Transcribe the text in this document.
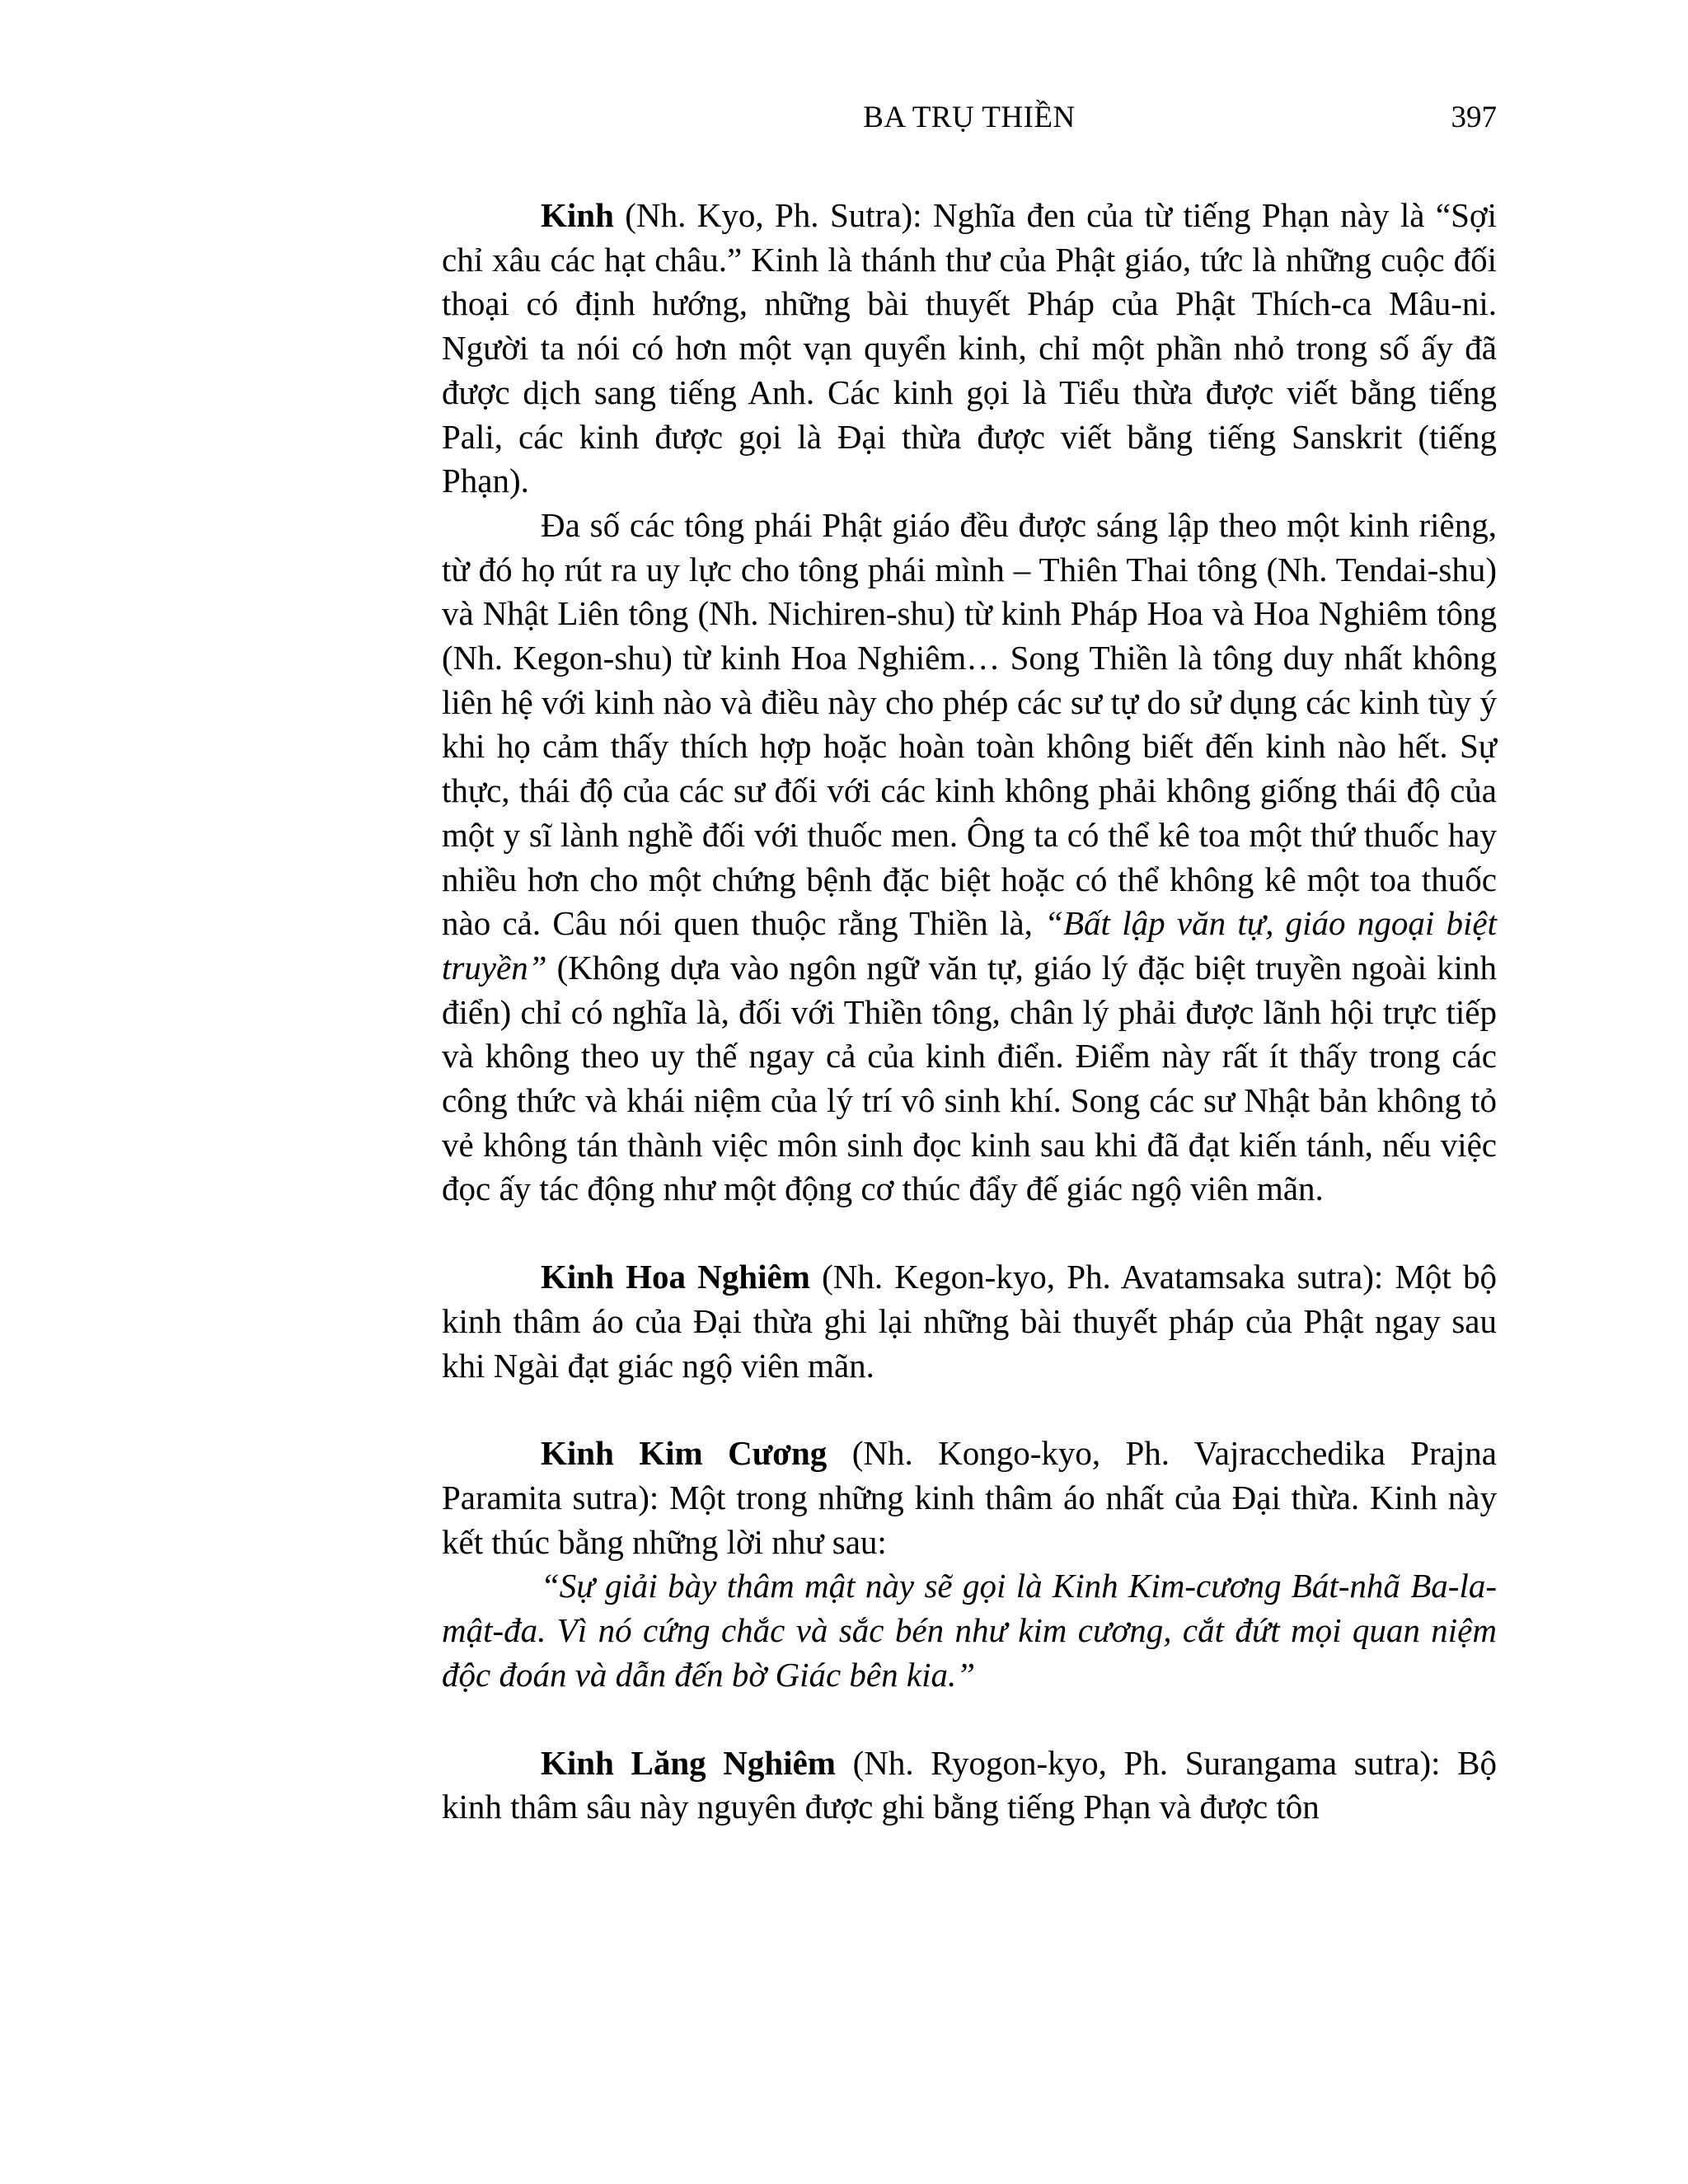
BA TRỤ THIỀN	397

Kinh (Nh. Kyo, Ph. Sutra): Nghĩa đen của từ tiếng Phạn này là “Sợi chỉ xâu các hạt châu.” Kinh là thánh thư của Phật giáo, tức là những cuộc đối thoại có định hướng, những bài thuyết Pháp của Phật Thích-ca Mâu-ni. Người ta nói có hơn một vạn quyển kinh, chỉ một phần nhỏ trong số ấy đã được dịch sang tiếng Anh. Các kinh gọi là Tiểu thừa được viết bằng tiếng Pali, các kinh được gọi là Đại thừa được viết bằng tiếng Sanskrit (tiếng Phạn).

Đa số các tông phái Phật giáo đều được sáng lập theo một kinh riêng, từ đó họ rút ra uy lực cho tông phái mình – Thiên Thai tông (Nh. Tendai-shu) và Nhật Liên tông (Nh. Nichiren-shu) từ kinh Pháp Hoa và Hoa Nghiêm tông (Nh. Kegon-shu) từ kinh Hoa Nghiêm… Song Thiền là tông duy nhất không liên hệ với kinh nào và điều này cho phép các sư tự do sử dụng các kinh tùy ý khi họ cảm thấy thích hợp hoặc hoàn toàn không biết đến kinh nào hết. Sự thực, thái độ của các sư đối với các kinh không phải không giống thái độ của một y sĩ lành nghề đối với thuốc men. Ông ta có thể kê toa một thứ thuốc hay nhiều hơn cho một chứng bệnh đặc biệt hoặc có thể không kê một toa thuốc nào cả. Câu nói quen thuộc rằng Thiền là, “Bất lập văn tự, giáo ngoại biệt truyền” (Không dựa vào ngôn ngữ văn tự, giáo lý đặc biệt truyền ngoài kinh điển) chỉ có nghĩa là, đối với Thiền tông, chân lý phải được lãnh hội trực tiếp và không theo uy thế ngay cả của kinh điển. Điểm này rất ít thấy trong các công thức và khái niệm của lý trí vô sinh khí. Song các sư Nhật bản không tỏ vẻ không tán thành việc môn sinh đọc kinh sau khi đã đạt kiến tánh, nếu việc đọc ấy tác động như một động cơ thúc đẩy đế giác ngộ viên mãn.

Kinh Hoa Nghiêm (Nh. Kegon-kyo, Ph. Avatamsaka sutra): Một bộ kinh thâm áo của Đại thừa ghi lại những bài thuyết pháp của Phật ngay sau khi Ngài đạt giác ngộ viên mãn.

Kinh Kim Cương (Nh. Kongo-kyo, Ph. Vajracchedika Prajna Paramita sutra): Một trong những kinh thâm áo nhất của Đại thừa. Kinh này kết thúc bằng những lời như sau:

“Sự giải bày thâm mật này sẽ gọi là Kinh Kim-cương Bát-nhã Ba-la-mật-đa. Vì nó cứng chắc và sắc bén như kim cương, cắt đứt mọi quan niệm độc đoán và dẫn đến bờ Giác bên kia.”

Kinh Lăng Nghiêm (Nh. Ryogon-kyo, Ph. Surangama sutra): Bộ kinh thâm sâu này nguyên được ghi bằng tiếng Phạn và được tôn
